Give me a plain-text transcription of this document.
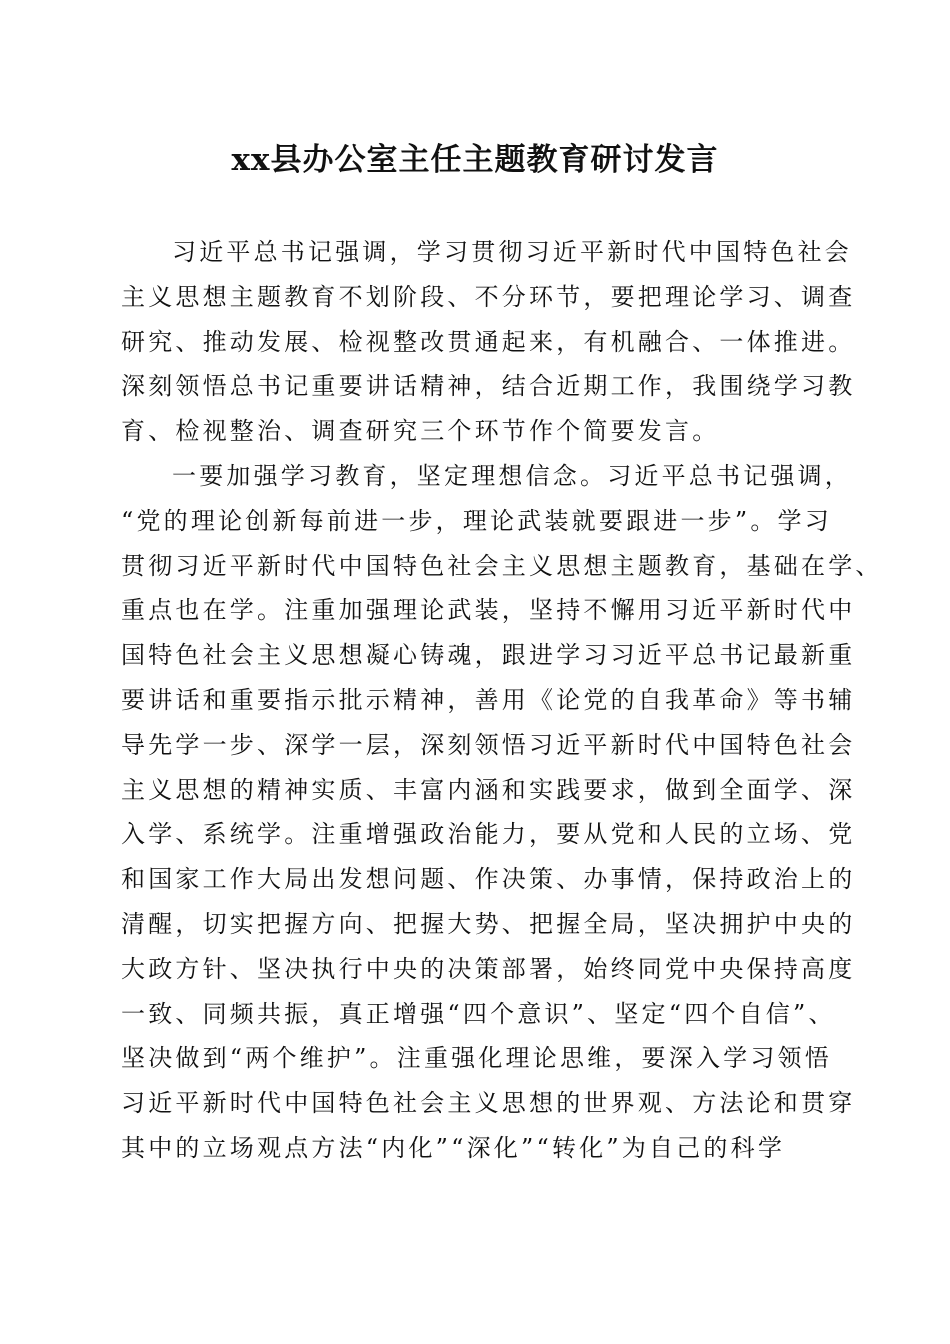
xx县办公室主任主题教育研讨发言

习近平总书记强调，学习贯彻习近平新时代中国特色社会

主义思想主题教育不划阶段、不分环节，要把理论学习、调查

研究、推动发展、检视整改贯通起来，有机融合、一体推进。

深刻领悟总书记重要讲话精神，结合近期工作，我围绕学习教

育、检视整治、调查研究三个环节作个简要发言。

一要加强学习教育，坚定理想信念。习近平总书记强调，

“党的理论创新每前进一步，理论武装就要跟进一步”。学习

贯彻习近平新时代中国特色社会主义思想主题教育，基础在学、

重点也在学。注重加强理论武装，坚持不懈用习近平新时代中

国特色社会主义思想凝心铸魂，跟进学习习近平总书记最新重

要讲话和重要指示批示精神，善用《论党的自我革命》等书辅

导先学一步、深学一层，深刻领悟习近平新时代中国特色社会

主义思想的精神实质、丰富内涵和实践要求，做到全面学、深

入学、系统学。注重增强政治能力，要从党和人民的立场、党

和国家工作大局出发想问题、作决策、办事情，保持政治上的

清醒，切实把握方向、把握大势、把握全局，坚决拥护中央的

大政方针、坚决执行中央的决策部署，始终同党中央保持高度

一致、同频共振，真正增强“四个意识”、坚定“四个自信”、

坚决做到“两个维护”。注重强化理论思维，要深入学习领悟

习近平新时代中国特色社会主义思想的世界观、方法论和贯穿

其中的立场观点方法“内化”“深化”“转化”为自己的科学
